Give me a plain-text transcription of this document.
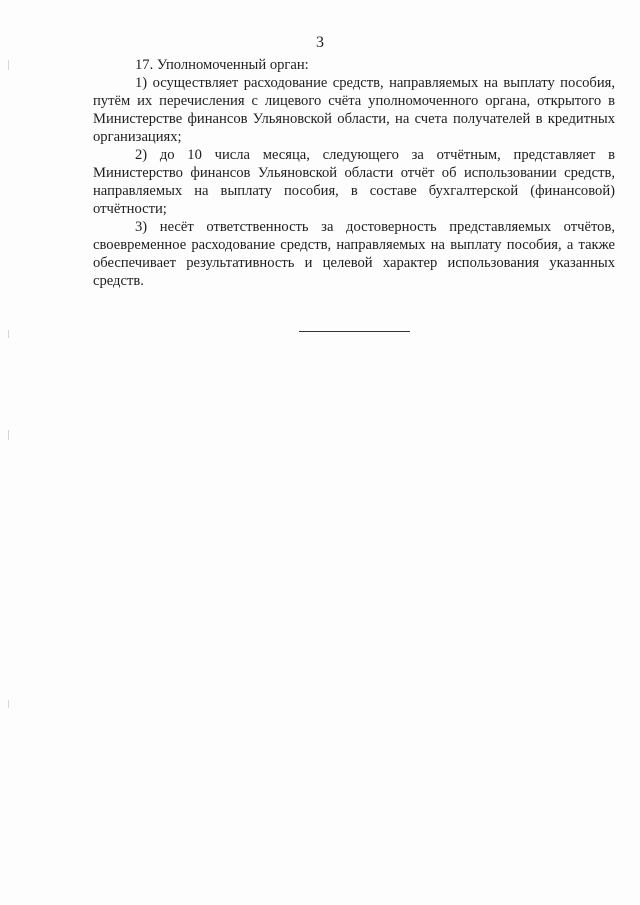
3

17. Уполномоченный орган:

1) осуществляет расходование средств, направляемых на выплату пособия, путём их перечисления с лицевого счёта уполномоченного органа, открытого в Министерстве финансов Ульяновской области, на счета получателей в кредитных организациях;

2) до 10 числа месяца, следующего за отчётным, представляет в Министерство финансов Ульяновской области отчёт об использовании средств, направляемых на выплату пособия, в составе бухгалтерской (финансовой) отчётности;

3) несёт ответственность за достоверность представляемых отчётов, своевременное расходование средств, направляемых на выплату пособия, а также обеспечивает результативность и целевой характер использования указанных средств.
